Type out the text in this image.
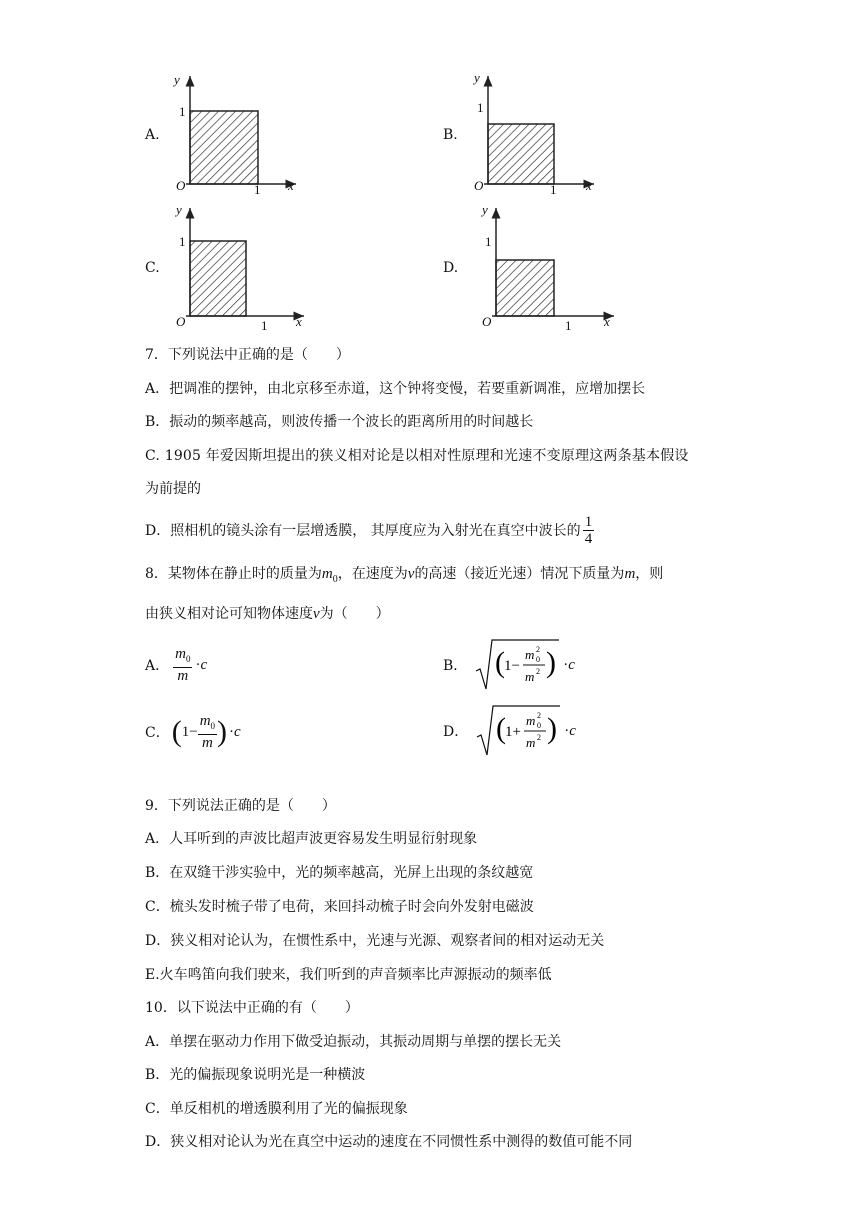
A.
y
1
O	1 x
B.
y
1
O	1 x
C.
y
1
O	1 x
D.
y
1
O	1	x
7．下列说法中正确的是（　　）
A．把调准的摆钟，由北京移至赤道，这个钟将变慢，若要重新调准，应增加摆长
B．振动的频率越高，则波传播一个波长的距离所用的时间越长
C. 1905 年爱因斯坦提出的狭义相对论是以相对性原理和光速不变原理这两条基本假设
为前提的
D．照相机的镜头涂有一层增透膜， 其厚度应为入射光在真空中波长的 $\frac{1}{4}$
8．某物体在静止时的质量为$m_0$，在速度为v的高速（接近光速）情况下质量为m，则
由狭义相对论可知物体速度v为（　　）
A． $\frac{m_0}{m} \cdot c$	B． ( 1−
m 2
0
m 2 ) ·c
C． ( $1- \frac{m_0}{m}$ ) ·c	D． ( 1+
m 2
0
m 2 ) ·c
9．下列说法正确的是（　　）
A．人耳听到的声波比超声波更容易发生明显衍射现象
B．在双缝干涉实验中，光的频率越高，光屏上出现的条纹越宽
C．梳头发时梳子带了电荷，来回抖动梳子时会向外发射电磁波
D．狭义相对论认为，在惯性系中，光速与光源、观察者间的相对运动无关
E.火车鸣笛向我们驶来，我们听到的声音频率比声源振动的频率低
10．以下说法中正确的有（　　）
A．单摆在驱动力作用下做受迫振动，其振动周期与单摆的摆长无关
B．光的偏振现象说明光是一种横波
C．单反相机的增透膜利用了光的偏振现象
D．狭义相对论认为光在真空中运动的速度在不同惯性系中测得的数值可能不同
